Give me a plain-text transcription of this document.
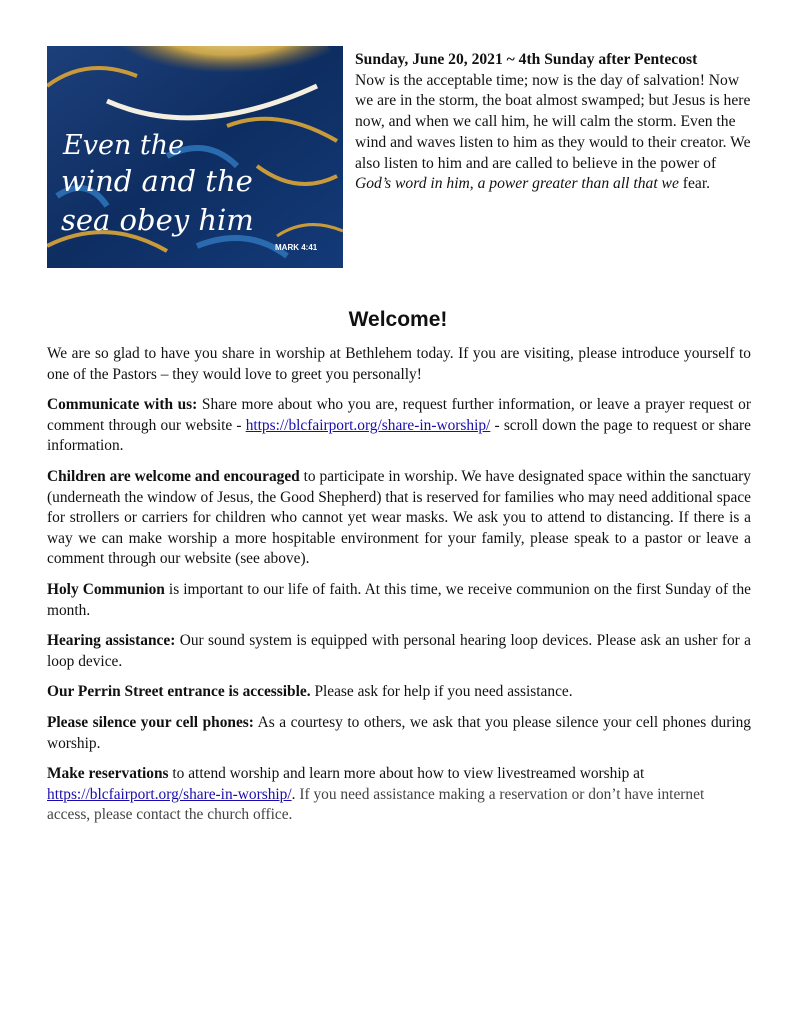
Even the
wind and the
sea obey him
MARK 4:41
Sunday, June 20, 2021 ~ 4th Sunday after Pentecost
Now is the acceptable time; now is the day of salvation! Now we are in the storm, the boat almost swamped; but Jesus is here now, and when we call him, he will calm the storm. Even the wind and waves listen to him as they would to their creator. We also listen to him and are called to believe in the power of God’s word in him, a power greater than all that we fear.
Welcome!

We are so glad to have you share in worship at Bethlehem today. If you are visiting, please introduce yourself to one of the Pastors – they would love to greet you personally!

Communicate with us: Share more about who you are, request further information, or leave a prayer request or comment through our website - https://blcfairport.org/share-in-worship/ - scroll down the page to request or share information.

Children are welcome and encouraged to participate in worship. We have designated space within the sanctuary (underneath the window of Jesus, the Good Shepherd) that is reserved for families who may need additional space for strollers or carriers for children who cannot yet wear masks. We ask you to attend to distancing. If there is a way we can make worship a more hospitable environment for your family, please speak to a pastor or leave a comment through our website (see above).

Holy Communion is important to our life of faith. At this time, we receive communion on the first Sunday of the month.

Hearing assistance: Our sound system is equipped with personal hearing loop devices. Please ask an usher for a loop device.

Our Perrin Street entrance is accessible. Please ask for help if you need assistance.

Please silence your cell phones: As a courtesy to others, we ask that you please silence your cell phones during worship.

Make reservations to attend worship and learn more about how to view livestreamed worship at https://blcfairport.org/share-in-worship/. If you need assistance making a reservation or don’t have internet access, please contact the church office.
